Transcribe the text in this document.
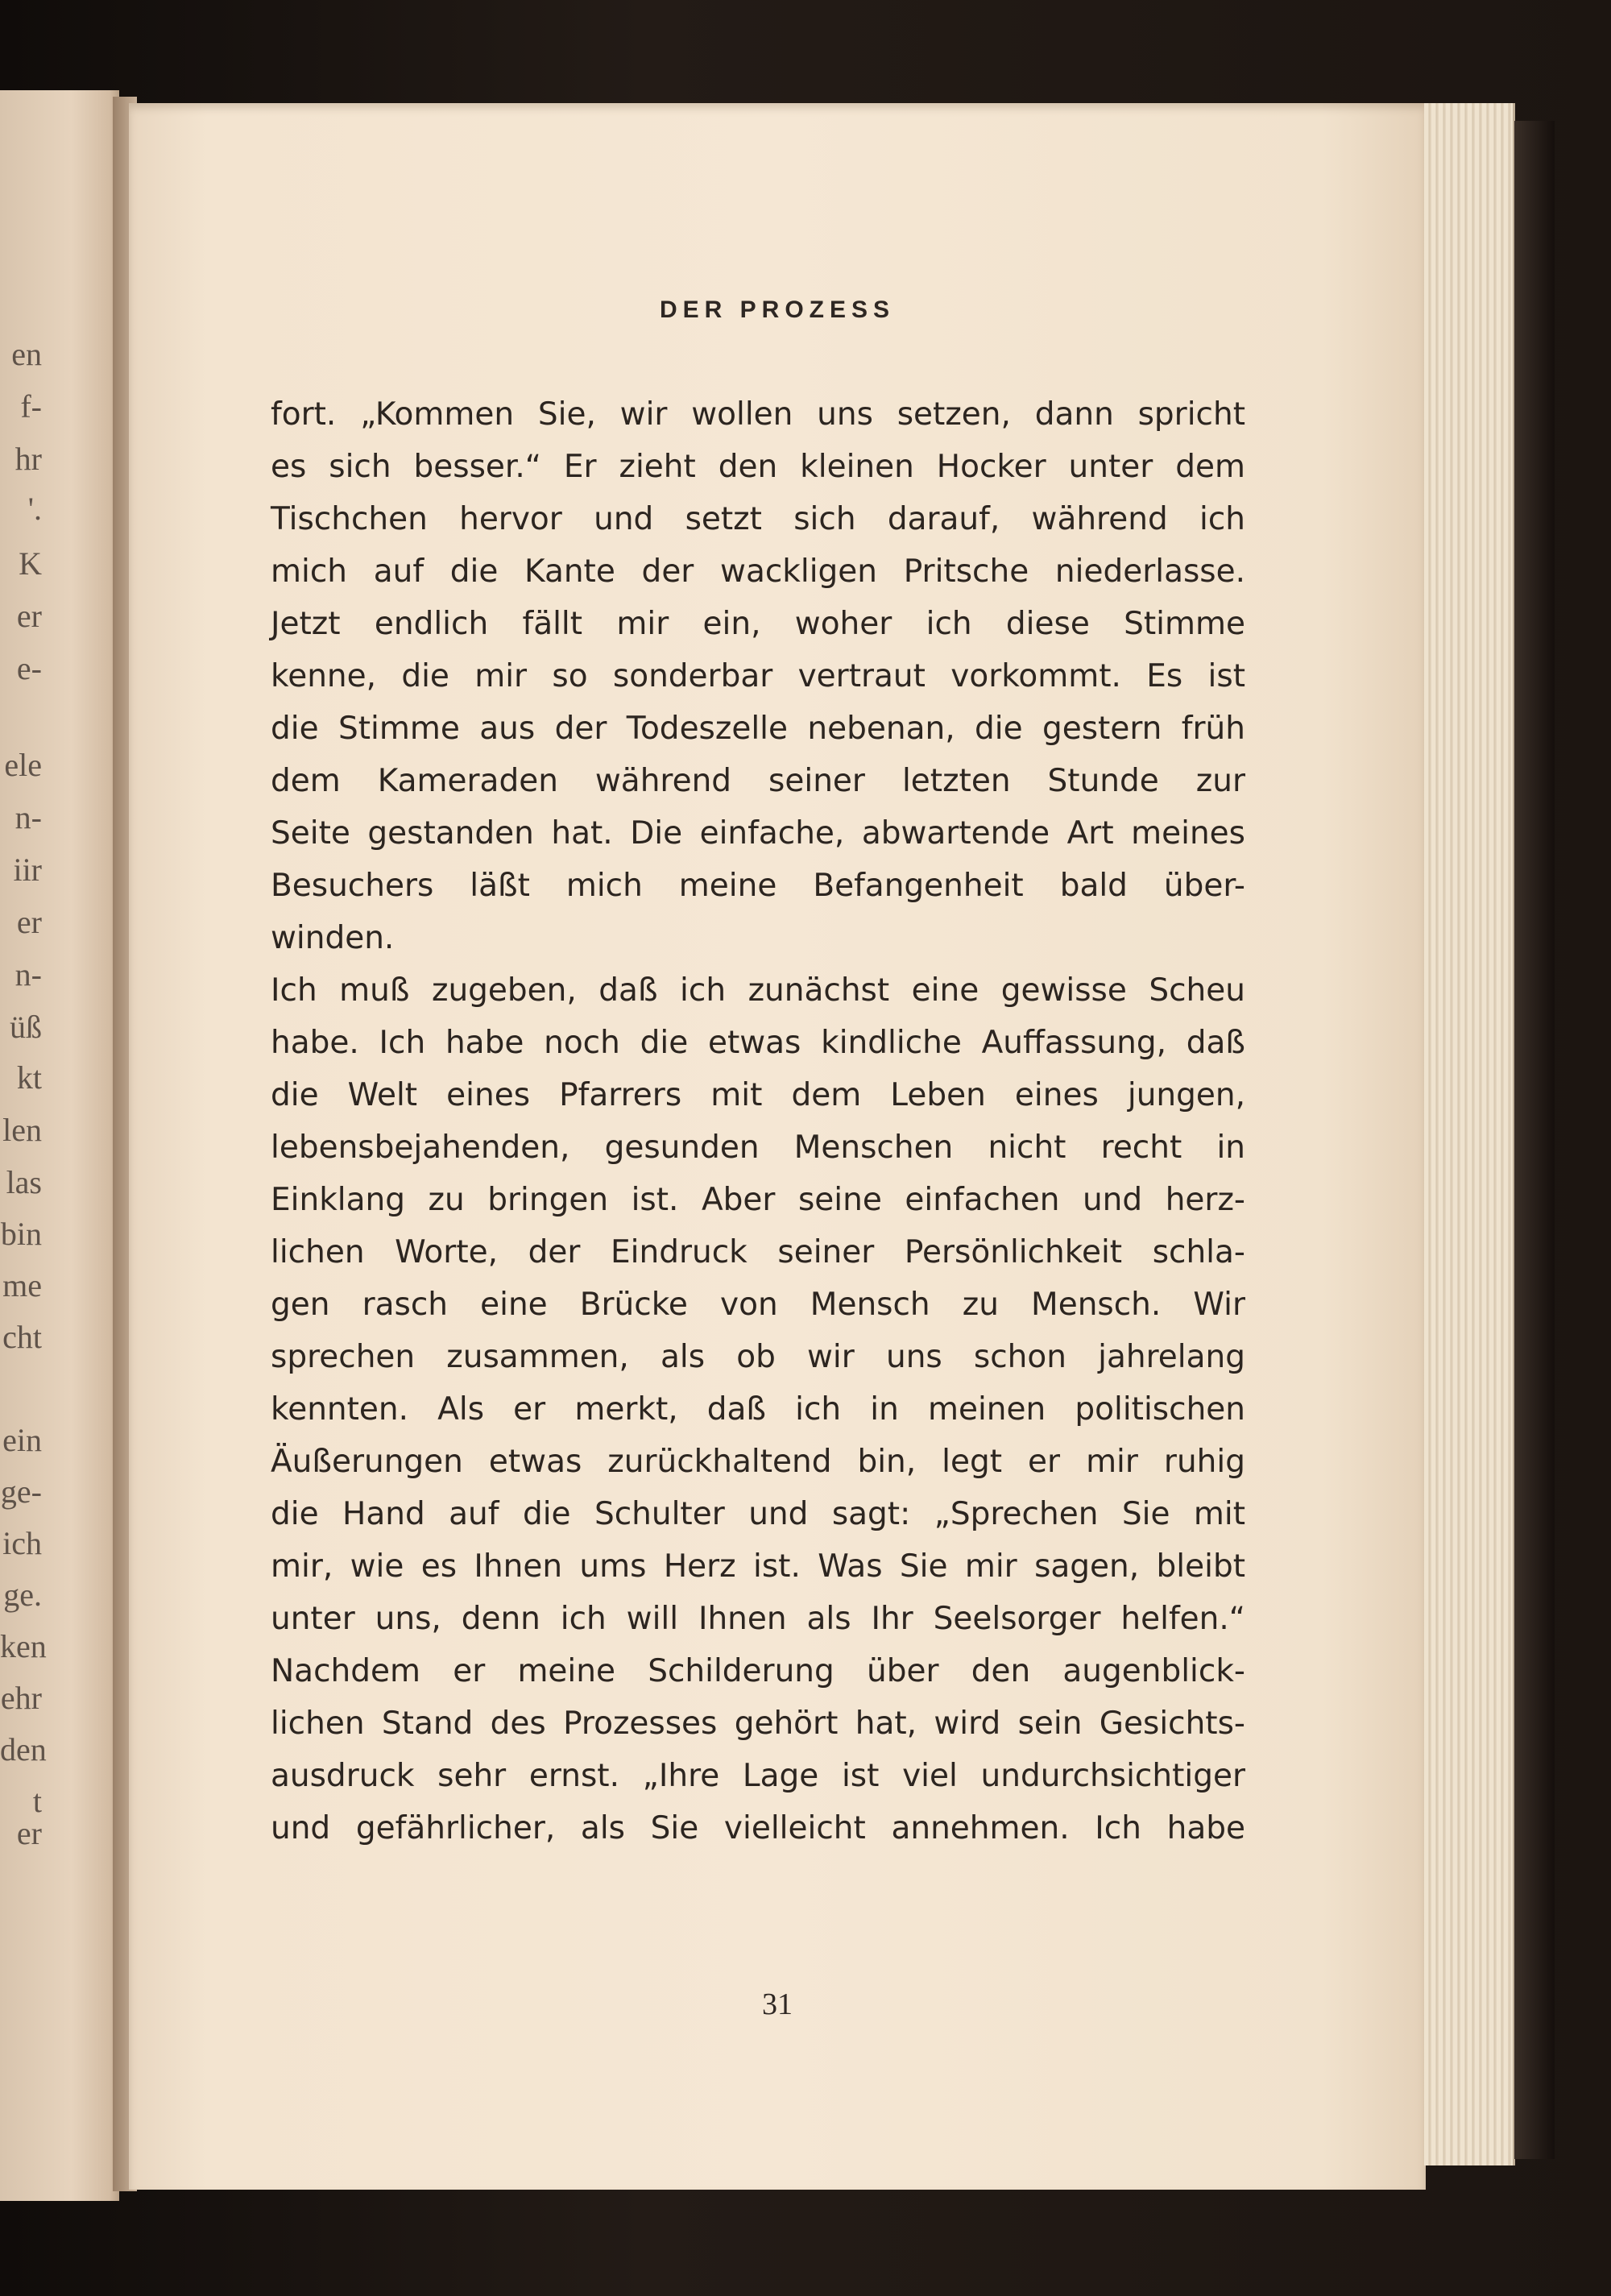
en
f-
hr
'.
K
er
e-
ele
n-
iir
er
n-
üß
kt
len
las
bin
me
cht
ein
ge-
ich
ge.
ken
ehr
den
t er
DER PROZESS
fort. „Kommen Sie, wir wollen uns setzen, dann spricht
es sich besser.“ Er zieht den kleinen Hocker unter dem
Tischchen hervor und setzt sich darauf, während ich
mich auf die Kante der wackligen Pritsche niederlasse.
Jetzt endlich fällt mir ein, woher ich diese Stimme
kenne, die mir so sonderbar vertraut vorkommt. Es ist
die Stimme aus der Todeszelle nebenan, die gestern früh
dem Kameraden während seiner letzten Stunde zur
Seite gestanden hat. Die einfache, abwartende Art meines
Besuchers läßt mich meine Befangenheit bald über-
winden.
Ich muß zugeben, daß ich zunächst eine gewisse Scheu
habe. Ich habe noch die etwas kindliche Auffassung, daß
die Welt eines Pfarrers mit dem Leben eines jungen,
lebensbejahenden, gesunden Menschen nicht recht in
Einklang zu bringen ist. Aber seine einfachen und herz-
lichen Worte, der Eindruck seiner Persönlichkeit schla-
gen rasch eine Brücke von Mensch zu Mensch. Wir
sprechen zusammen, als ob wir uns schon jahrelang
kennten. Als er merkt, daß ich in meinen politischen
Äußerungen etwas zurückhaltend bin, legt er mir ruhig
die Hand auf die Schulter und sagt: „Sprechen Sie mit
mir, wie es Ihnen ums Herz ist. Was Sie mir sagen, bleibt
unter uns, denn ich will Ihnen als Ihr Seelsorger helfen.“
Nachdem er meine Schilderung über den augenblick-
lichen Stand des Prozesses gehört hat, wird sein Gesichts-
ausdruck sehr ernst. „Ihre Lage ist viel undurchsichtiger
und gefährlicher, als Sie vielleicht annehmen. Ich habe
31
